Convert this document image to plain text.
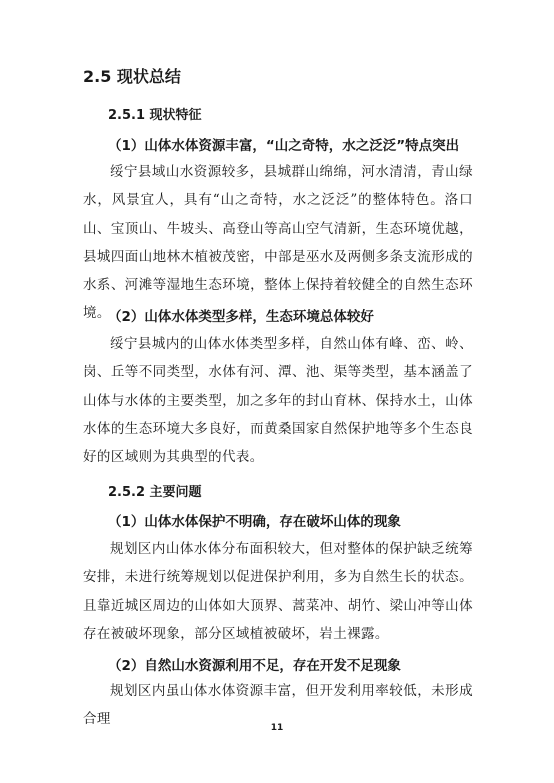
2.5 现状总结
2.5.1 现状特征
（1）山体水体资源丰富，“山之奇特，水之泛泛”特点突出

绥宁县域山水资源较多，县城群山绵绵，河水清清，青山绿水，风景宜人，具有“山之奇特，水之泛泛”的整体特色。洛口山、宝顶山、牛坡头、高登山等高山空气清新，生态环境优越，县城四面山地林木植被茂密，中部是巫水及两侧多条支流形成的水系、河滩等湿地生态环境，整体上保持着较健全的自然生态环境。

（2）山体水体类型多样，生态环境总体较好

绥宁县城内的山体水体类型多样，自然山体有峰、峦、岭、岗、丘等不同类型，水体有河、潭、池、渠等类型，基本涵盖了山体与水体的主要类型，加之多年的封山育林、保持水土，山体水体的生态环境大多良好，而黄桑国家自然保护地等多个生态良好的区域则为其典型的代表。

2.5.2 主要问题
（1）山体水体保护不明确，存在破坏山体的现象

规划区内山体水体分布面积较大，但对整体的保护缺乏统筹安排，未进行统筹规划以促进保护利用，多为自然生长的状态。且靠近城区周边的山体如大顶界、蒿菜冲、胡竹、梁山冲等山体存在被破坏现象，部分区域植被破坏，岩土裸露。

（2）自然山水资源利用不足，存在开发不足现象

规划区内虽山体水体资源丰富，但开发利用率较低，未形成合理

11
